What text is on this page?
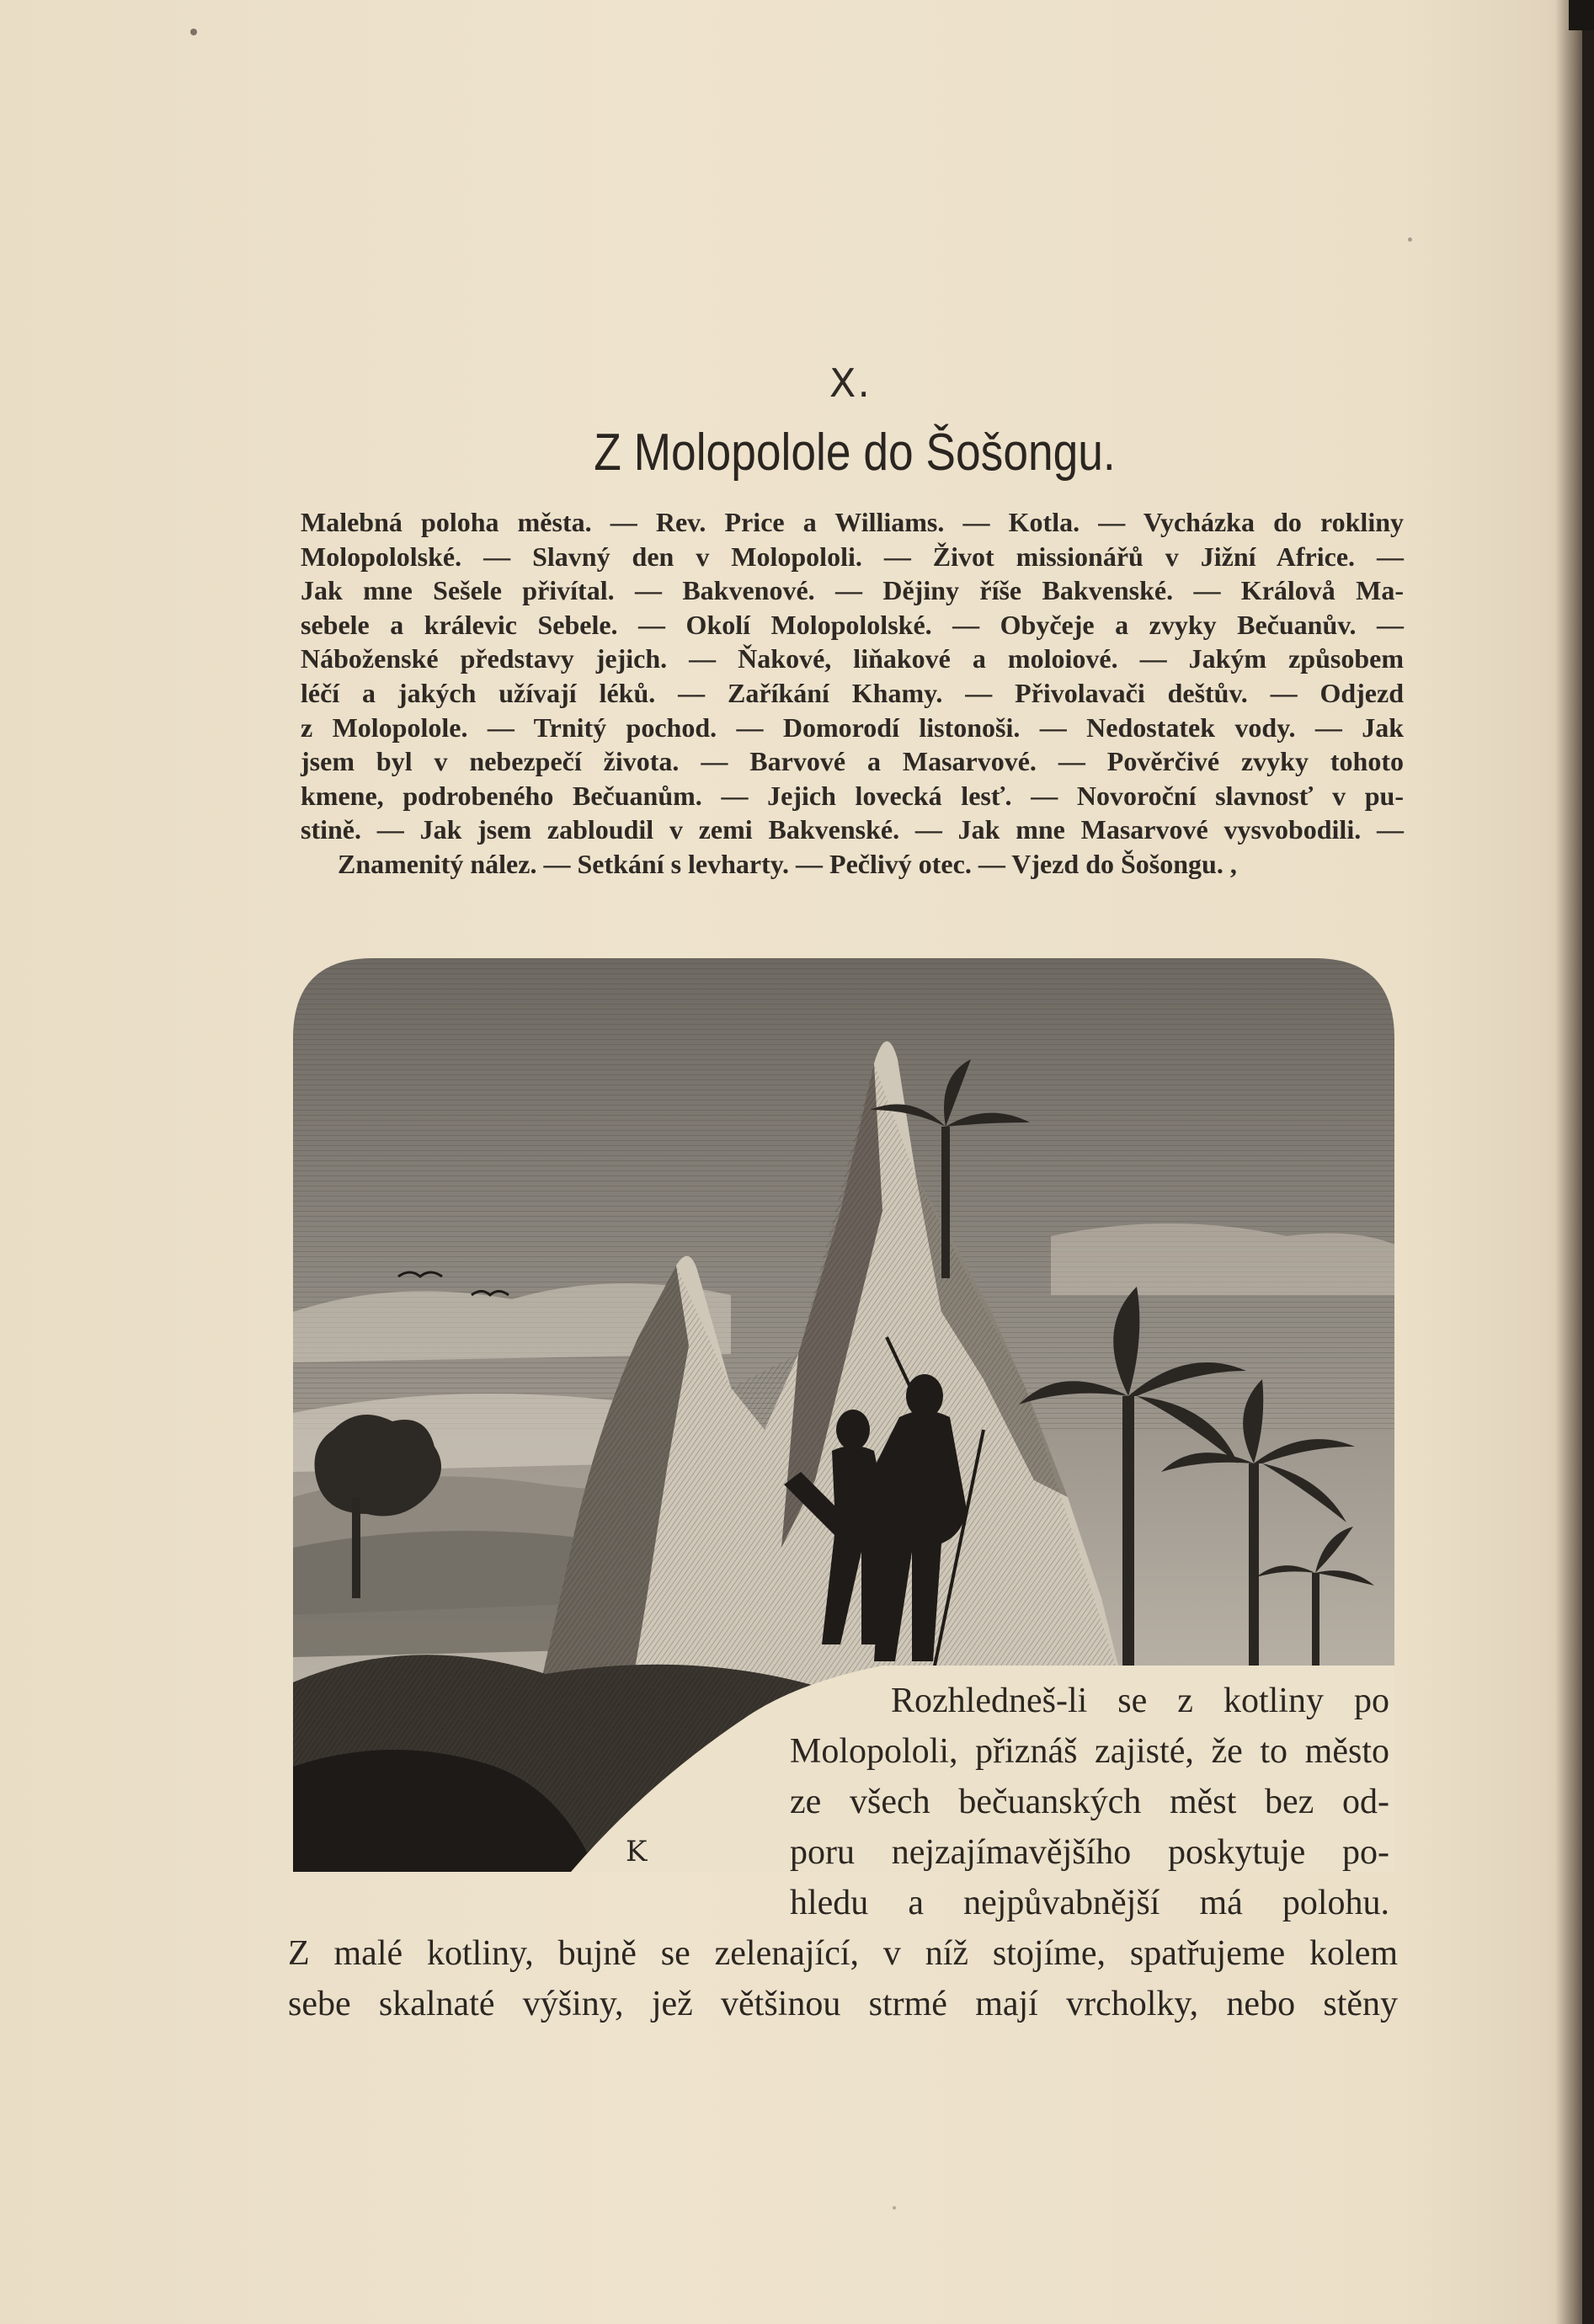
X.
Z Molopolole do Šošongu.
Malebná poloha města. — Rev. Price a Williams. — Kotla. — Vycházka do rokliny
Molopololské. — Slavný den v Molopololi. — Život missionářů v Jižní Africe. —
Jak mne Sešele přivítal. — Bakvenové. — Dějiny říše Bakvenské. — Královå Ma-
sebele a králevic Sebele. — Okolí Molopololské. — Obyčeje a zvyky Bečuanův. —
Náboženské představy jejich. — Ňakové, liňakové a moloiové. — Jakým způsobem
léčí a jakých užívají léků. — Zaříkání Khamy. — Přivolavači deštův. — Odjezd
z Molopolole. — Trnitý pochod. — Domorodí listonoši. — Nedostatek vody. — Jak
jsem byl v nebezpečí života. — Barvové a Masarvové. — Pověrčivé zvyky tohoto
kmene, podrobeného Bečuanům. — Jejich lovecká lesť. — Novoroční slavnosť v pu-
stině. — Jak jsem zabloudil v zemi Bakvenské. — Jak mne Masarvové vysvobodili. —
Znamenitý nález. — Setkání s levharty. — Pečlivý otec. — Vjezd do Šošongu. ,
K
Rozhledneš-li se z kotliny po
Molopololi, přiznáš zajisté, že to město
ze všech bečuanských měst bez od-
poru nejzajímavějšího poskytuje po-
hledu a nejpůvabnější má polohu.
Z malé kotliny, bujně se zelenající, v níž stojíme, spatřujeme kolem
sebe skalnaté výšiny, jež většinou strmé mají vrcholky, nebo stěny
